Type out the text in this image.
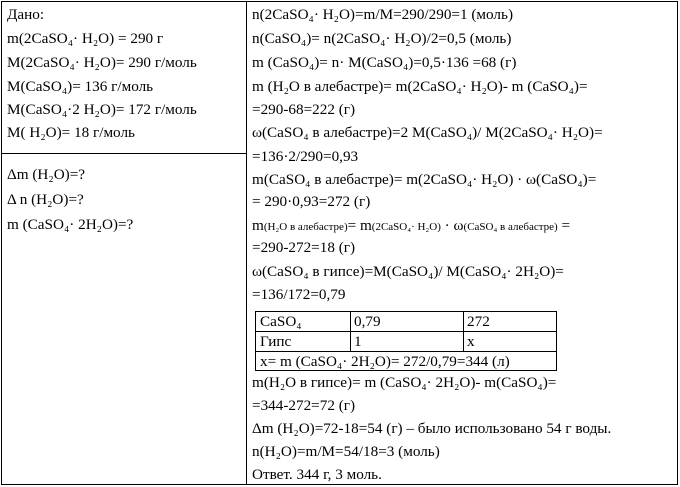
Дано:
m(2CaSO₄· H₂O) = 290 г
M(2CaSO₄· H₂O)= 290 г/моль
M(CaSO₄)= 136 г/моль
M(CaSO₄·2 H₂O)= 172 г/моль
M( H₂O)= 18 г/моль
Δm (H₂O)=?
Δ n (H₂O)=?
m (CaSO₄· 2H₂O)=?
n(2CaSO₄· H₂O)=m/M=290/290=1 (моль)
n(CaSO₄)= n(2CaSO₄· H₂O)/2=0,5 (моль)
m (CaSO₄)= n· M(CaSO₄)=0,5·136 =68 (г)
m (H₂O в алебастре)= m(2CaSO₄· H₂O)- m (CaSO₄)=
=290-68=222 (г)
ω(CaSO₄ в алебастре)=2 M(CaSO₄)/ M(2CaSO₄· H₂O)=
=136·2/290=0,93
m(CaSO₄ в алебастре)= m(2CaSO₄· H₂O) · ω(CaSO₄)=
= 290·0,93=272 (г)
m(H₂O в алебастре)= m(2CaSO₄· H₂O) · ω(CaSO₄ в алебастре) =
=290-272=18 (г)
ω(CaSO₄ в гипсе)=M(CaSO₄)/ M(CaSO₄· 2H₂O)=
=136/172=0,79
CaSO₄	0,79	272
Гипс	1	x
x= m (CaSO₄· 2H₂O)= 272/0,79=344 (л)
m(H₂O в гипсе)= m (CaSO₄· 2H₂O)- m(CaSO₄)=
=344-272=72 (г)
Δm (H₂O)=72-18=54 (г) – было использовано 54 г воды.
n(H₂O)=m/M=54/18=3 (моль)
Ответ. 344 г, 3 моль.
